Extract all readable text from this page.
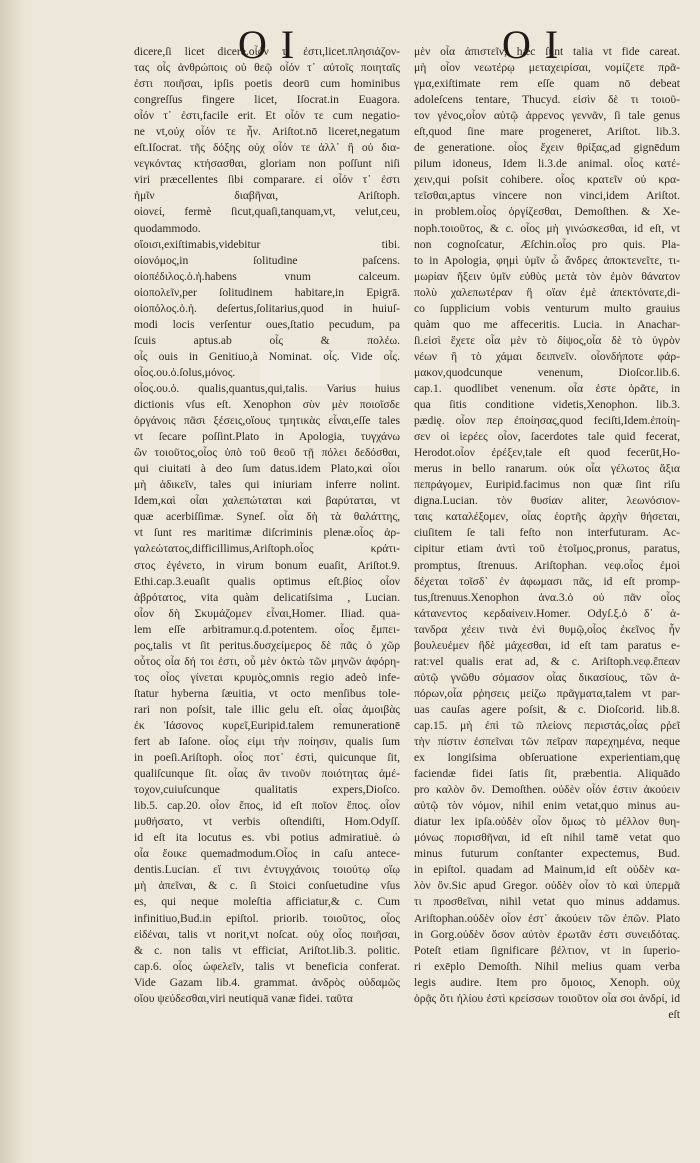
O I	O I
dicere,ſi licet dicere.οἷόν τ᾽ ἐστι,licet.πλησιάζον-
τας οἷς ἀνθρώποις οὐ θεῷ οἷόν τ᾽ αὐτοῖς ποιηταῖς
ἐστι ποιῆσαι, ipſis poetis deorū cum hominibus
congreſſus fingere licet, Iſocrat.in Euagora.
οἷόν τ᾽ ἐστι,facile erit. Et οἷόν τε cum negatio-
ne vt,οὐχ οἷόν τε ἦν. Ariſtot.nō liceret,negatum
eſt.Iſocrat. τῆς δόξης οὐχ οἷόν τε ἀλλ᾽ ἢ οὐ δια-
νεγκόντας κτήσασθαι, gloriam non poſſunt niſi
viri præcellentes ſibi comparare. εἰ οἷόν τ᾽ ἐστι
ἡμῖν διαβῆναι, Ariſtoph.
οἱονεί, fermè ſicut,quaſi,tanquam,vt, velut,ceu,
quodammodo.
οἴοισι,exiſtimabis,videbitur tibi.
οἰονόμος,in ſolitudine paſcens.
οἰοπέδιλος.ὁ.ἡ.habens vnum calceum.
οἰοπολεῖν,per ſolitudinem habitare,in Epigrā.
οἰοπόλος.ὁ.ἡ. deſertus,ſolitarius,quod in huiuſ-
modi locis verſentur oues,ſtatio pecudum, pa
ſcuis aptus.ab οἷς & πολέω.
οἷς ouis in Genitiuo,à Nominat. οἶς. Vide οἶς.
οἷος.ου.ὁ.ſolus,μόνος.
οἷος.ου.ὁ. qualis,quantus,qui,talis. Varius huius
dictionis vſus eſt. Xenophon σὺν μὲν ποιοῖσδε
ὀργάνοις πᾶσι ξέσεις,οἵους τμητικὰς εἶναι,eſſe tales
vt ſecare poſſint.Plato in Apologia, τυγχάνω
ὢν τοιοῦτος,οἷος ὑπὸ τοῦ θεοῦ τῇ πόλει δεδόσθαι,
qui ciuitati à deo ſum datus.idem Plato,καὶ οἷοι
μὴ ἀδικεῖν, tales qui iniuriam inferre nolint.
Idem,καὶ οἷαι χαλεπώταται καὶ βαρύταται, vt
quæ acerbiſſimæ. Syneſ. οἷα δὴ τὰ θαλάττης,
vt ſunt res maritimæ diſcriminis plenæ.οἷος ἀρ-
γαλεώτατος,difficillimus,Ariſtoph.οἷος κράτι-
στος ἐγένετο, in virum bonum euaſit, Ariſtot.9.
Ethi.cap.3.euaſit qualis optimus eſt.βίος οἷον
ἁβρότατος, vita quàm delicatiſsima , Lucian.
οἷον δὴ Σκυμάζομεν εἶναι,Homer. Iliad. qua-
lem eſſe arbitramur.q.d.potentem. οἷος ἔμπει-
ρος,talis vt ſit peritus.δυσχείμερος δὲ πᾶς ὁ χῶρ
οὗτος οἷα δή τοι ἐστι, οὗ μὲν ὀκτὼ τῶν μηνῶν ἀφόρη-
τος οἷος γίνεται κρυμὸς,omnis regio adeò infe-
ſtatur hyberna ſæuitia, vt octo menſibus tole-
rari non poſsit, tale illic gelu eſt. οἷας ἀμοιβὰς
ἐκ Ἰάσονος κυρεῖ,Euripid.talem remunerationē
fert ab Iaſone. οἷος εἰμι τὴν ποίησιν, qualis ſum
in poeſi.Ariſtoph. οἷος ποτ᾽ ἐστὶ, quicunque ſit,
qualiſcunque ſit. οἷας ἂν τινοῦν ποιότητας ἀμέ-
τοχον,cuiuſcunque qualitatis expers,Dioſco.
lib.5. cap.20. οἷον ἔπος, id eſt ποῖον ἔπος. οἷον
μυθήσατο, vt verbis oſtendiſti, Hom.Odyſſ.
id eſt ita locutus es. vbi potius admiratiuè. ὡ
οἷα ἔοικε quemadmodum.Οἷος in caſu antece-
dentis.Lucian. εἴ τινι ἐντυγχάνοις τοιούτῳ οἵῳ
μὴ ἀπεῖναι, & c. ſi Stoici conſuetudine vſus
es, qui neque moleſtia afficiatur,& c. Cum
infinitiuo,Bud.in epiſtol. priorib. τοιοῦτος, οἷος
εἰδέναι, talis vt norit,vt noſcat. οὐχ οἷος ποιῆσαι,
& c. non talis vt efficiat, Ariſtot.lib.3. politic.
cap.6. οἷος ὠφελεῖν, talis vt beneficia conferat.
Vide Gazam lib.4. grammat. ἀνδρὸς οὐδαμῶς
οἵου ψεύδεσθαι,viri neutiquā vanæ fidei. ταῦτα
μὲν οἷα ἀπιστεῖν, hæc ſunt talia vt fide careat.
μὴ οἷον νεωτέρῳ μεταχειρίσαι, νομίζετε πρᾶ-
γμα,exiſtimate rem eſſe quam nō debeat
adoleſcens tentare, Thucyd. εἰσὶν δὲ τι τοιοῦ-
τον γένος,οἷον αὐτῷ ἀρρενος γεννᾶν, ſi tale genus
eſt,quod ſine mare progeneret, Ariſtot. lib.3.
de generatione. οἷος ἔχειν θρίξας,ad gignēdum
pilum idoneus, Idem li.3.de animal. οἷος κατέ-
χειν,qui poſsit cohibere. οἷος κρατεῖν οὐ κρα-
τεῖσθαι,aptus vincere non vinci,idem Ariſtot.
in problem.οἷος ὀργίζεσθαι, Demoſthen. & Xe-
noph.τοιοῦτος, & c. οἷος μὴ γινώσκεσθαι, id eſt, vt
non cognoſcatur, Æſchin.οἷος pro quis. Pla-
to in Apologia, φημὶ ὑμῖν ὦ ἄνδρες ἀποκτενεῖτε, τι-
μωρίαν ἥξειν ὑμῖν εὐθὺς μετὰ τὸν ἐμὸν θάνατον
πολὺ χαλεπωτέραν ἢ οἵαν ἐμὲ ἀπεκτόνατε,di-
co ſupplicium vobis venturum multo grauius
quàm quo me affeceritis. Lucia. in Anachar-
ſi.εἰσὶ ἔχετε οἷα μὲν τὸ δίψος,οἷα δὲ τὸ ὑγρὸν
νέων ἢ τὸ χάμαι δειπνεῖν. οἷονδήποτε φάρ-
μακον,quodcunque venenum, Dioſcor.lib.6.
cap.1. quodlibet venenum. οἷα ἐστε ὁρᾶτε, in
qua ſitis conditione videtis,Xenophon. lib.3.
pædię. οἷον περ ἐποίησας,quod feciſti,Idem.ἐποίη-
σεν οἱ ἱερέες οἷον, ſacerdotes tale quid fecerat,
Herodot.οἷον ἐρέξεν,tale eſt quod fecerūt,Ho-
merus in bello ranarum. οὐκ οἷα γέλωτος ἄξια
πεπράγομεν, Euripid.facimus non quæ ſint riſu
digna.Lucian. τὸν θυσίαν aliter, λεωνόσιον-
ταις καταλέξομεν, οἷας ἑορτῆς ἀρχὴν θήσεται,
ciuſitem ſe tali feſto non interfuturam. Ac-
cipitur etiam ἀντὶ τοῦ ἑτοῖμος,pronus, paratus,
promptus, ſtrenuus. Ariſtophan. νεφ.οἷος ἐμοὶ
δέχεται τοῖσδ᾽ ἐν ἀφωμασι πᾶς, id eſt promp-
tus,ſtrenuus.Xenophon ἀνα.3.ὁ οὐ πᾶν οἷος
κάτανεντος κερδαίνειν.Homer. Odyſ.ξ.ὁ δ᾽ ἀ-
τανδρα χέειν τινὰ ἐνὶ θυμῷ,οἷος ἐκεῖνος ἦν
βουλευέμεν ἢδὲ μάχεσθαι, id eſt tam paratus e-
rat:vel qualis erat ad, & c. Ariſtoph.νεφ.ἔπεαν
αὐτῷ γνῶθυ σόμασον οἷας δικασίους, τῶν ἁ-
πόρων,οἷα ρῥησεις μείζω πρᾶγματα,talem vt par-
uas cauſas agere poſsit, & c. Dioſcorid. lib.8.
cap.15. μὴ ἐπὶ τῶ πλείονς περιστάς,οἷας ρῥεῖ
τὴν πίστιν ἐσπεῖναι τῶν πεῖραν παρεχημένα, neque
ex longiſsima obſeruatione experientiam,quę
faciendæ fidei ſatis ſit, præbentia. Aliquādo
pro καλὸν ὂν. Demoſthen. οὐδὲν οἷόν ἐστιν ἀκούειν
αὐτῷ τὸν νόμον, nihil enim vetat,quo minus au-
diatur lex ipſa.οὐδὲν οἷον ὅμως τὸ μέλλον θυη-
μόνως πορισθῆναι, id eſt nihil tamē vetat quo
minus futurum conſtanter expectemus, Bud.
in epiſtol. quadam ad Mainum,id eſt οὐδὲν κα-
λὸν ὂν.Sic apud Gregor. οὐδὲν οἷον τὸ καὶ ὑπερμᾶ
τι προσθεῖναι, nihil vetat quo minus addamus.
Ariſtophan.οὐδὲν οἷον ἐστ᾽ ἀκούειν τῶν ἐπῶν. Plato
in Gorg.οὐδὲν ὅσον αὐτὸν ἐρωτᾶν ἐστι συνειδότας.
Poteſt etiam ſignificare βέλτιον, vt in ſuperio-
ri exēplo Demoſth. Nihil melius quam verba
legis audire. Item pro ὅμοιος, Xenoph. οὐχ
ὁρᾷς ὅτι ἡλίου ἐστὶ κρείσσων τοιοῦτον οἷα σοι ἀνδρί, id
eſt
